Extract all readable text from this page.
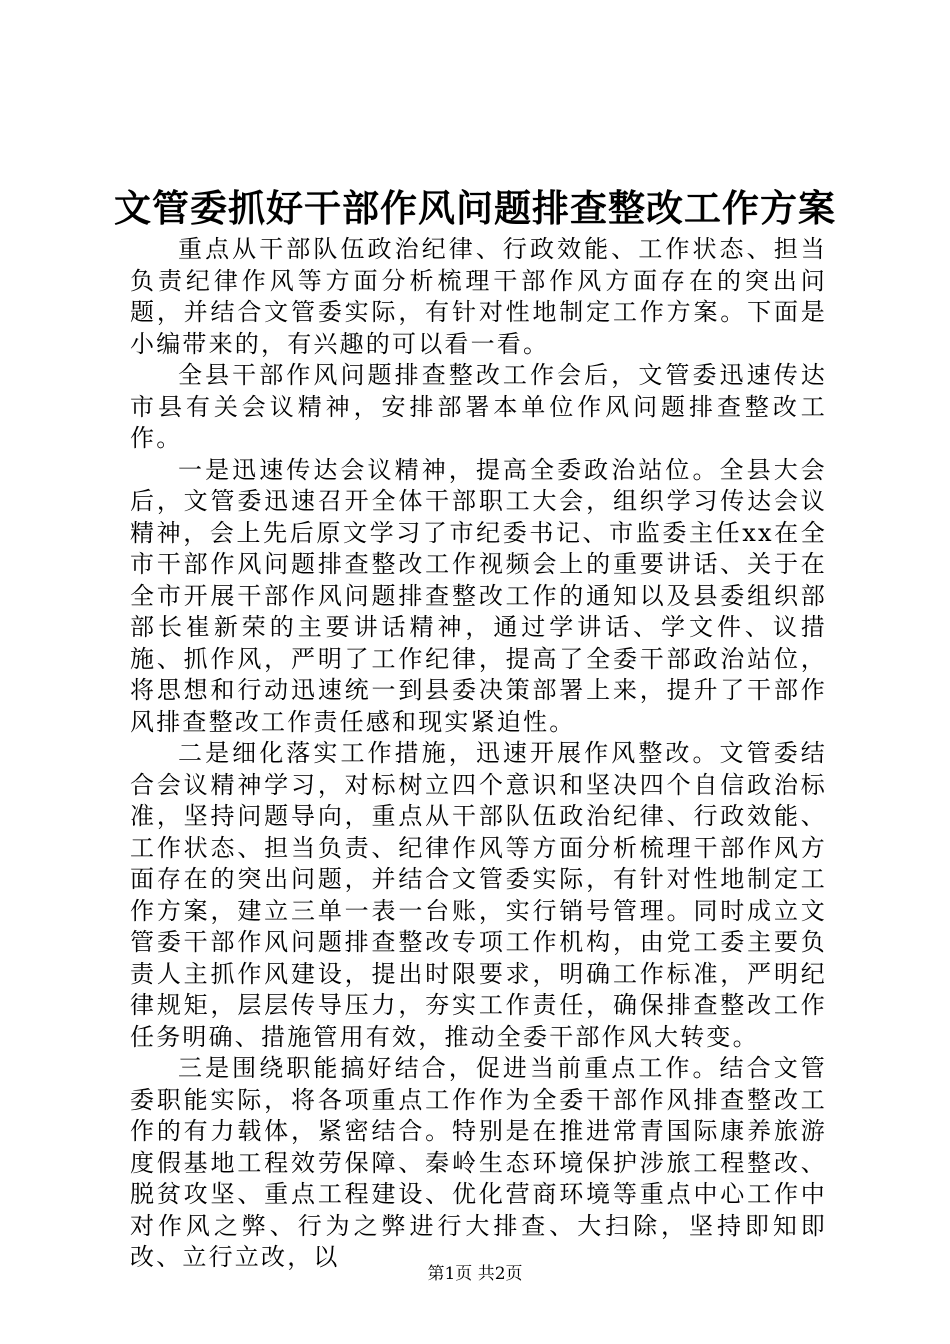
文管委抓好干部作风问题排查整改工作方案

重点从干部队伍政治纪律、行政效能、工作状态、担当负责纪律作风等方面分析梳理干部作风方面存在的突出问题，并结合文管委实际，有针对性地制定工作方案。下面是小编带来的，有兴趣的可以看一看。

全县干部作风问题排查整改工作会后，文管委迅速传达市县有关会议精神，安排部署本单位作风问题排查整改工作。

一是迅速传达会议精神，提高全委政治站位。全县大会后，文管委迅速召开全体干部职工大会，组织学习传达会议精神，会上先后原文学习了市纪委书记、市监委主任xx在全市干部作风问题排查整改工作视频会上的重要讲话、关于在全市开展干部作风问题排查整改工作的通知以及县委组织部部长崔新荣的主要讲话精神，通过学讲话、学文件、议措施、抓作风，严明了工作纪律，提高了全委干部政治站位，将思想和行动迅速统一到县委决策部署上来，提升了干部作风排查整改工作责任感和现实紧迫性。

二是细化落实工作措施，迅速开展作风整改。文管委结合会议精神学习，对标树立四个意识和坚决四个自信政治标准，坚持问题导向，重点从干部队伍政治纪律、行政效能、工作状态、担当负责、纪律作风等方面分析梳理干部作风方面存在的突出问题，并结合文管委实际，有针对性地制定工作方案，建立三单一表一台账，实行销号管理。同时成立文管委干部作风问题排查整改专项工作机构，由党工委主要负责人主抓作风建设，提出时限要求，明确工作标准，严明纪律规矩，层层传导压力，夯实工作责任，确保排查整改工作任务明确、措施管用有效，推动全委干部作风大转变。

三是围绕职能搞好结合，促进当前重点工作。结合文管委职能实际，将各项重点工作作为全委干部作风排查整改工作的有力载体，紧密结合。特别是在推进常青国际康养旅游度假基地工程效劳保障、秦岭生态环境保护涉旅工程整改、脱贫攻坚、重点工程建设、优化营商环境等重点中心工作中对作风之弊、行为之弊进行大排查、大扫除，坚持即知即改、立行立改，以

第1页 共2页
